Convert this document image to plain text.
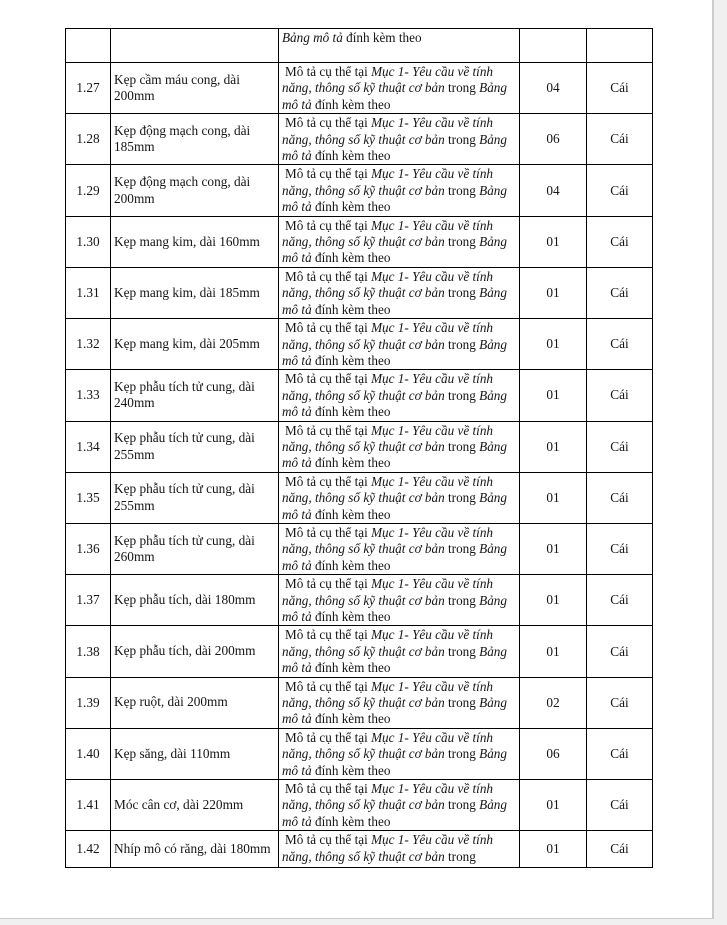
		Bảng mô tả đính kèm theo		

1.27	Kẹp cầm máu cong, dài 200mm	Mô tả cụ thể tại Mục 1- Yêu cầu về tính năng, thông số kỹ thuật cơ bản trong Bảng mô tả đính kèm theo	04	Cái
1.28	Kẹp động mạch cong, dài 185mm	Mô tả cụ thể tại Mục 1- Yêu cầu về tính năng, thông số kỹ thuật cơ bản trong Bảng mô tả đính kèm theo	06	Cái
1.29	Kẹp động mạch cong, dài 200mm	Mô tả cụ thể tại Mục 1- Yêu cầu về tính năng, thông số kỹ thuật cơ bản trong Bảng mô tả đính kèm theo	04	Cái
1.30	Kẹp mang kim, dài 160mm	Mô tả cụ thể tại Mục 1- Yêu cầu về tính năng, thông số kỹ thuật cơ bản trong Bảng mô tả đính kèm theo	01	Cái
1.31	Kẹp mang kim, dài 185mm	Mô tả cụ thể tại Mục 1- Yêu cầu về tính năng, thông số kỹ thuật cơ bản trong Bảng mô tả đính kèm theo	01	Cái
1.32	Kẹp mang kim, dài 205mm	Mô tả cụ thể tại Mục 1- Yêu cầu về tính năng, thông số kỹ thuật cơ bản trong Bảng mô tả đính kèm theo	01	Cái
1.33	Kẹp phẫu tích tử cung, dài 240mm	Mô tả cụ thể tại Mục 1- Yêu cầu về tính năng, thông số kỹ thuật cơ bản trong Bảng mô tả đính kèm theo	01	Cái
1.34	Kẹp phẫu tích tử cung, dài 255mm	Mô tả cụ thể tại Mục 1- Yêu cầu về tính năng, thông số kỹ thuật cơ bản trong Bảng mô tả đính kèm theo	01	Cái
1.35	Kẹp phẫu tích tử cung, dài 255mm	Mô tả cụ thể tại Mục 1- Yêu cầu về tính năng, thông số kỹ thuật cơ bản trong Bảng mô tả đính kèm theo	01	Cái
1.36	Kẹp phẫu tích tử cung, dài 260mm	Mô tả cụ thể tại Mục 1- Yêu cầu về tính năng, thông số kỹ thuật cơ bản trong Bảng mô tả đính kèm theo	01	Cái
1.37	Kẹp phẫu tích, dài 180mm	Mô tả cụ thể tại Mục 1- Yêu cầu về tính năng, thông số kỹ thuật cơ bản trong Bảng mô tả đính kèm theo	01	Cái
1.38	Kẹp phẫu tích, dài 200mm	Mô tả cụ thể tại Mục 1- Yêu cầu về tính năng, thông số kỹ thuật cơ bản trong Bảng mô tả đính kèm theo	01	Cái
1.39	Kẹp ruột, dài 200mm	Mô tả cụ thể tại Mục 1- Yêu cầu về tính năng, thông số kỹ thuật cơ bản trong Bảng mô tả đính kèm theo	02	Cái
1.40	Kẹp săng, dài 110mm	Mô tả cụ thể tại Mục 1- Yêu cầu về tính năng, thông số kỹ thuật cơ bản trong Bảng mô tả đính kèm theo	06	Cái
1.41	Móc cân cơ, dài 220mm	Mô tả cụ thể tại Mục 1- Yêu cầu về tính năng, thông số kỹ thuật cơ bản trong Bảng mô tả đính kèm theo	01	Cái
1.42	Nhíp mô có răng, dài 180mm	Mô tả cụ thể tại Mục 1- Yêu cầu về tính năng, thông số kỹ thuật cơ bản trong	01	Cái
